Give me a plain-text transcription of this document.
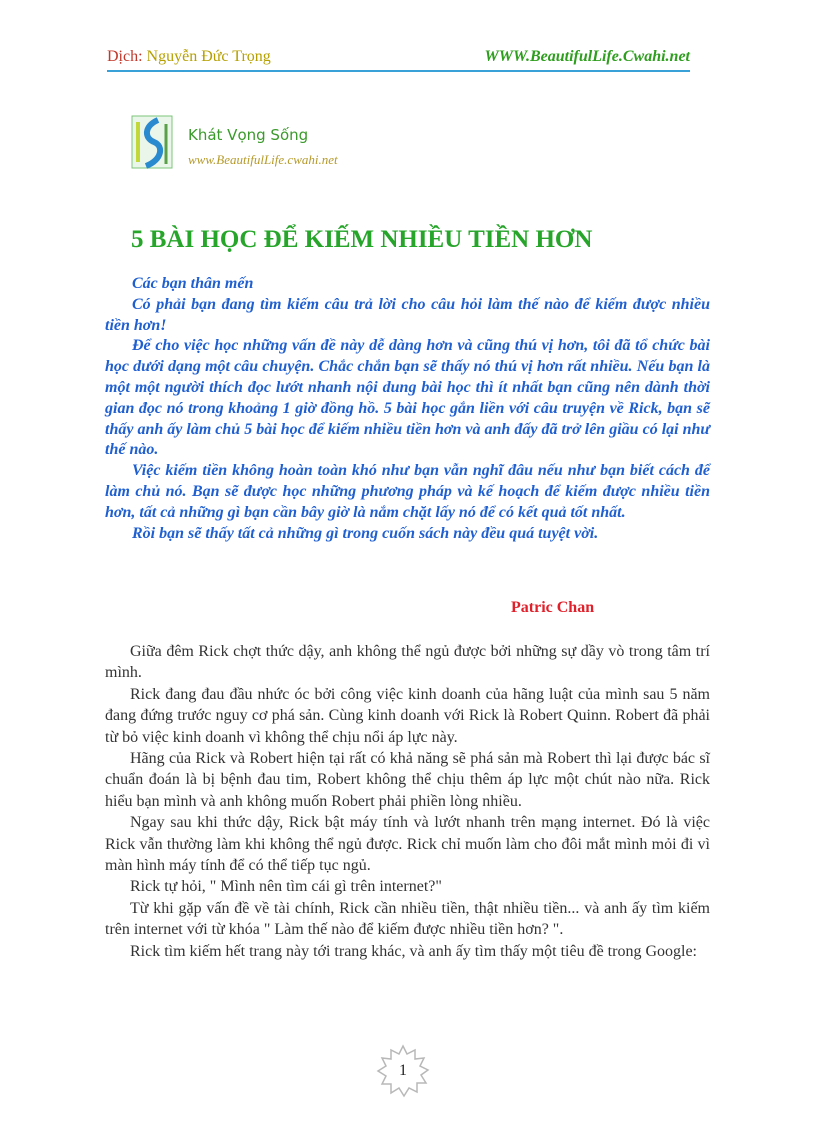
Dịch: Nguyễn Đức Trọng	WWW.BeautifulLife.Cwahi.net
Khát Vọng Sống
www.BeautifulLife.cwahi.net
5 BÀI HỌC ĐỂ KIẾM NHIỀU TIỀN HƠN

Các bạn thân mến

Có phải bạn đang tìm kiếm câu trả lời cho câu hỏi làm thế nào để kiếm được nhiều tiền hơn!

Để cho việc học những vấn đề này dễ dàng hơn và cũng thú vị hơn, tôi đã tổ chức bài học dưới dạng một câu chuyện. Chắc chắn bạn sẽ thấy nó thú vị hơn rất nhiều. Nếu bạn là một một người thích đọc lướt nhanh nội dung bài học thì ít nhất bạn cũng nên dành thời gian đọc nó trong khoảng 1 giờ đồng hồ. 5 bài học gắn liền với câu truyện về Rick, bạn sẽ thấy anh ấy làm chủ 5 bài học để kiếm nhiều tiền hơn và anh đấy đã trở lên giầu có lại như thế nào.

Việc kiếm tiền không hoàn toàn khó như bạn vẫn nghĩ đâu nếu như bạn biết cách để làm chủ nó. Bạn sẽ được học những phương pháp và kế hoạch để kiếm được nhiều tiền hơn, tất cả những gì bạn cần bây giờ là nắm chặt lấy nó để có kết quả tốt nhất.

Rồi bạn sẽ thấy tất cả những gì trong cuốn sách này đều quá tuyệt vời.

Patric Chan

Giữa đêm Rick chợt thức dậy, anh không thể ngủ được bởi những sự dầy vò trong tâm trí mình.

Rick đang đau đầu nhức óc bởi công việc kinh doanh của hãng luật của mình sau 5 năm đang đứng trước nguy cơ phá sản. Cùng kinh doanh với Rick là Robert Quinn. Robert đã phải từ bỏ việc kinh doanh vì không thể chịu nổi áp lực này.

Hãng của Rick và Robert hiện tại rất có khả năng sẽ phá sản mà Robert thì lại được bác sĩ chuẩn đoán là bị bệnh đau tim, Robert không thể chịu thêm áp lực một chút nào nữa. Rick hiểu bạn mình và anh không muốn Robert phải phiền lòng nhiều.

Ngay sau khi thức dậy, Rick bật máy tính và lướt nhanh trên mạng internet. Đó là việc Rick vẫn thường làm khi không thể ngủ được. Rick chỉ muốn làm cho đôi mắt mình mỏi đi vì màn hình máy tính để có thể tiếp tục ngủ.

Rick tự hỏi, " Mình nên tìm cái gì trên internet?"

Từ khi gặp vấn đề về tài chính, Rick cần nhiều tiền, thật nhiều tiền... và anh ấy tìm kiếm trên internet với từ khóa " Làm thế nào để kiếm được nhiều tiền hơn? ".

Rick tìm kiếm hết trang này tới trang khác, và anh ấy tìm thấy một tiêu đề trong Google:

1
